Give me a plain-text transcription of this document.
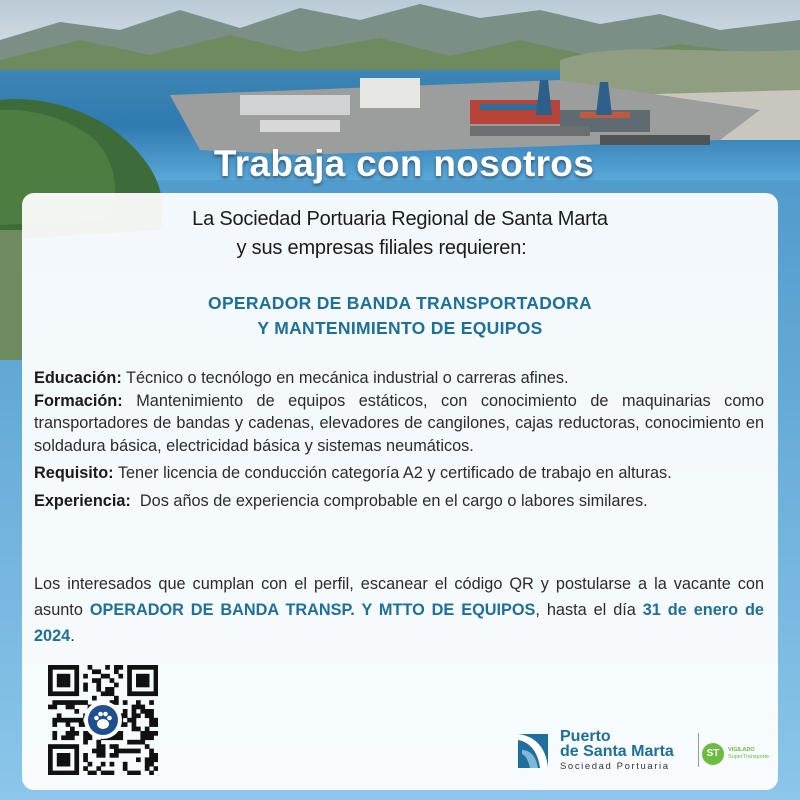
Trabaja con nosotros
La Sociedad Portuaria Regional de Santa Marta
y sus empresas filiales requieren:
OPERADOR DE BANDA TRANSPORTADORA
Y MANTENIMIENTO DE EQUIPOS

Educación: Técnico o tecnólogo en mecánica industrial o carreras afines.

Formación: Mantenimiento de equipos estáticos, con conocimiento de maquinarias como transportadores de bandas y cadenas, elevadores de cangilones, cajas reductoras, conocimiento en soldadura básica, electricidad básica y sistemas neumáticos.

Requisito: Tener licencia de conducción categoría A2 y certificado de trabajo en alturas.

Experiencia: Dos años de experiencia comprobable en el cargo o labores similares.

Los interesados que cumplan con el perfil, escanear el código QR y postularse a la vacante con asunto OPERADOR DE BANDA TRANSP. Y MTTO DE EQUIPOS, hasta el día 31 de enero de 2024.
Puerto
de Santa Marta
Sociedad Portuaria
ST	VIGILADO
SuperTransporte
